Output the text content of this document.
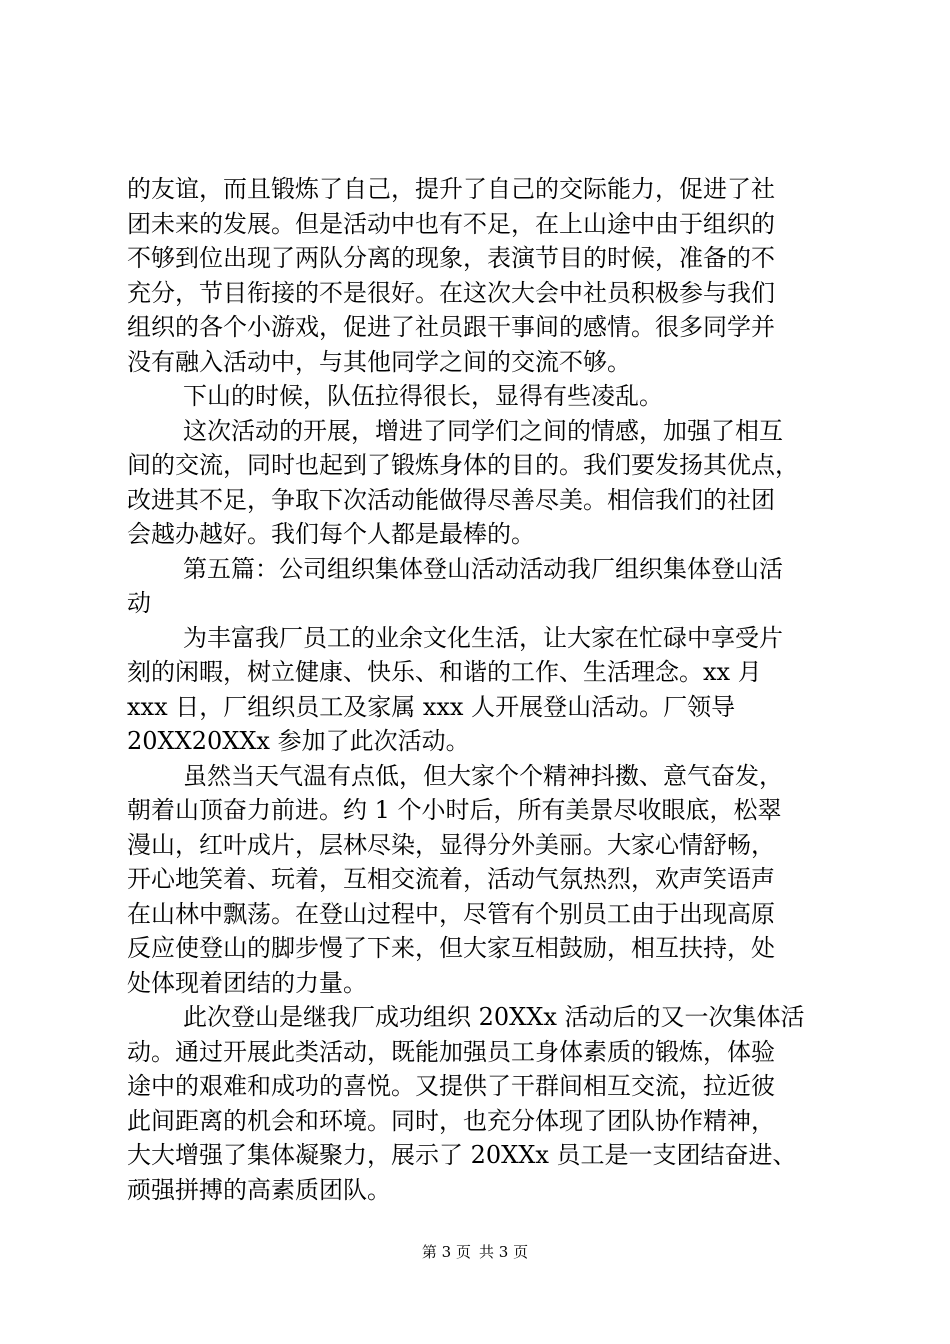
的友谊，而且锻炼了自己，提升了自己的交际能力，促进了社
团未来的发展。但是活动中也有不足，在上山途中由于组织的
不够到位出现了两队分离的现象，表演节目的时候，准备的不
充分，节目衔接的不是很好。在这次大会中社员积极参与我们
组织的各个小游戏，促进了社员跟干事间的感情。很多同学并
没有融入活动中，与其他同学之间的交流不够。
下山的时候，队伍拉得很长，显得有些凌乱。
这次活动的开展，增进了同学们之间的情感，加强了相互
间的交流，同时也起到了锻炼身体的目的。我们要发扬其优点，
改进其不足，争取下次活动能做得尽善尽美。相信我们的社团
会越办越好。我们每个人都是最棒的。
第五篇：公司组织集体登山活动活动我厂组织集体登山活
动
为丰富我厂员工的业余文化生活，让大家在忙碌中享受片
刻的闲暇，树立健康、快乐、和谐的工作、生活理念。xx 月
xxx 日，厂组织员工及家属 xxx 人开展登山活动。厂领导
20XX20XXx 参加了此次活动。
虽然当天气温有点低，但大家个个精神抖擞、意气奋发，
朝着山顶奋力前进。约 1 个小时后，所有美景尽收眼底，松翠
漫山，红叶成片，层林尽染，显得分外美丽。大家心情舒畅，
开心地笑着、玩着，互相交流着，活动气氛热烈，欢声笑语声
在山林中飘荡。在登山过程中，尽管有个别员工由于出现高原
反应使登山的脚步慢了下来，但大家互相鼓励，相互扶持，处
处体现着团结的力量。
此次登山是继我厂成功组织 20XXx 活动后的又一次集体活
动。通过开展此类活动，既能加强员工身体素质的锻炼，体验
途中的艰难和成功的喜悦。又提供了干群间相互交流，拉近彼
此间距离的机会和环境。同时，也充分体现了团队协作精神，
大大增强了集体凝聚力，展示了 20XXx 员工是一支团结奋进、
顽强拼搏的高素质团队。
第 3 页 共 3 页
